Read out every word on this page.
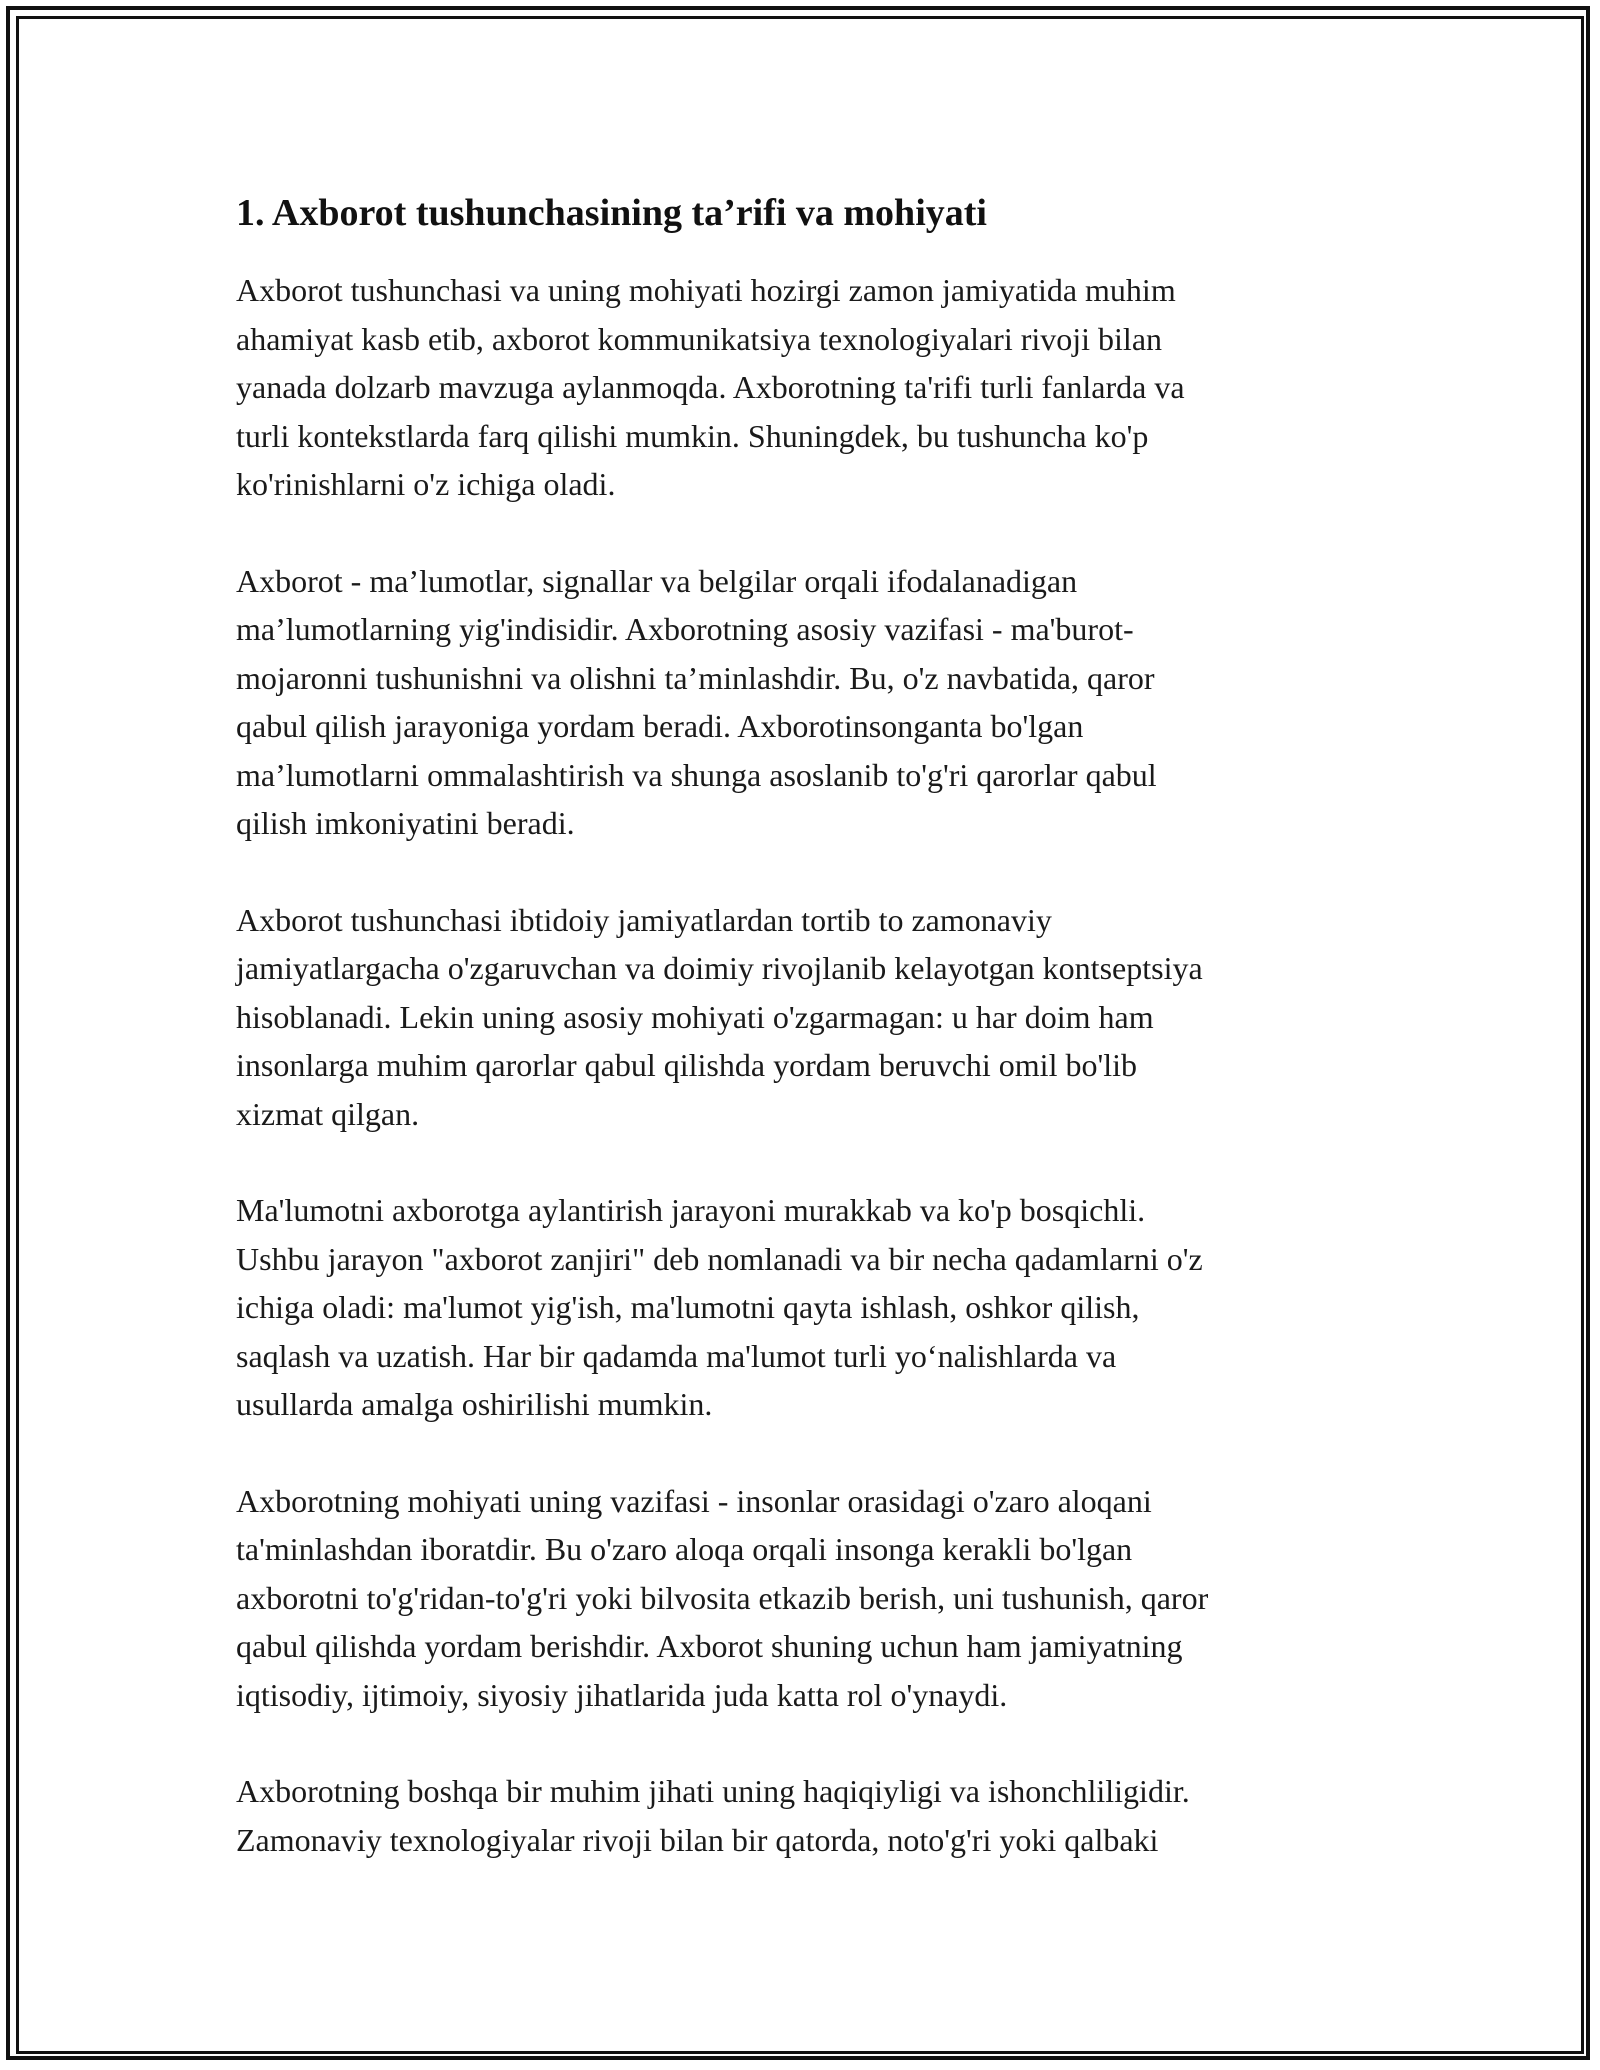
1. Axborot tushunchasining ta’rifi va mohiyati

Axborot tushunchasi va uning mohiyati hozirgi zamon jamiyatida muhim
ahamiyat kasb etib, axborot kommunikatsiya texnologiyalari rivoji bilan
yanada dolzarb mavzuga aylanmoqda. Axborotning ta'rifi turli fanlarda va
turli kontekstlarda farq qilishi mumkin. Shuningdek, bu tushuncha ko'p
ko'rinishlarni o'z ichiga oladi.

Axborot - ma’lumotlar, signallar va belgilar orqali ifodalanadigan
ma’lumotlarning yig'indisidir. Axborotning asosiy vazifasi - ma'burot-
mojaronni tushunishni va olishni ta’minlashdir. Bu, o'z navbatida, qaror
qabul qilish jarayoniga yordam beradi. Axborotinsonganta bo'lgan
ma’lumotlarni ommalashtirish va shunga asoslanib to'g'ri qarorlar qabul
qilish imkoniyatini beradi.

Axborot tushunchasi ibtidoiy jamiyatlardan tortib to zamonaviy
jamiyatlargacha o'zgaruvchan va doimiy rivojlanib kelayotgan kontseptsiya
hisoblanadi. Lekin uning asosiy mohiyati o'zgarmagan: u har doim ham
insonlarga muhim qarorlar qabul qilishda yordam beruvchi omil bo'lib
xizmat qilgan.

Ma'lumotni axborotga aylantirish jarayoni murakkab va ko'p bosqichli.
Ushbu jarayon "axborot zanjiri" deb nomlanadi va bir necha qadamlarni o'z
ichiga oladi: ma'lumot yig'ish, ma'lumotni qayta ishlash, oshkor qilish,
saqlash va uzatish. Har bir qadamda ma'lumot turli yo‘nalishlarda va
usullarda amalga oshirilishi mumkin.

Axborotning mohiyati uning vazifasi - insonlar orasidagi o'zaro aloqani
ta'minlashdan iboratdir. Bu o'zaro aloqa orqali insonga kerakli bo'lgan
axborotni to'g'ridan-to'g'ri yoki bilvosita etkazib berish, uni tushunish, qaror
qabul qilishda yordam berishdir. Axborot shuning uchun ham jamiyatning
iqtisodiy, ijtimoiy, siyosiy jihatlarida juda katta rol o'ynaydi.

Axborotning boshqa bir muhim jihati uning haqiqiyligi va ishonchliligidir.
Zamonaviy texnologiyalar rivoji bilan bir qatorda, noto'g'ri yoki qalbaki
